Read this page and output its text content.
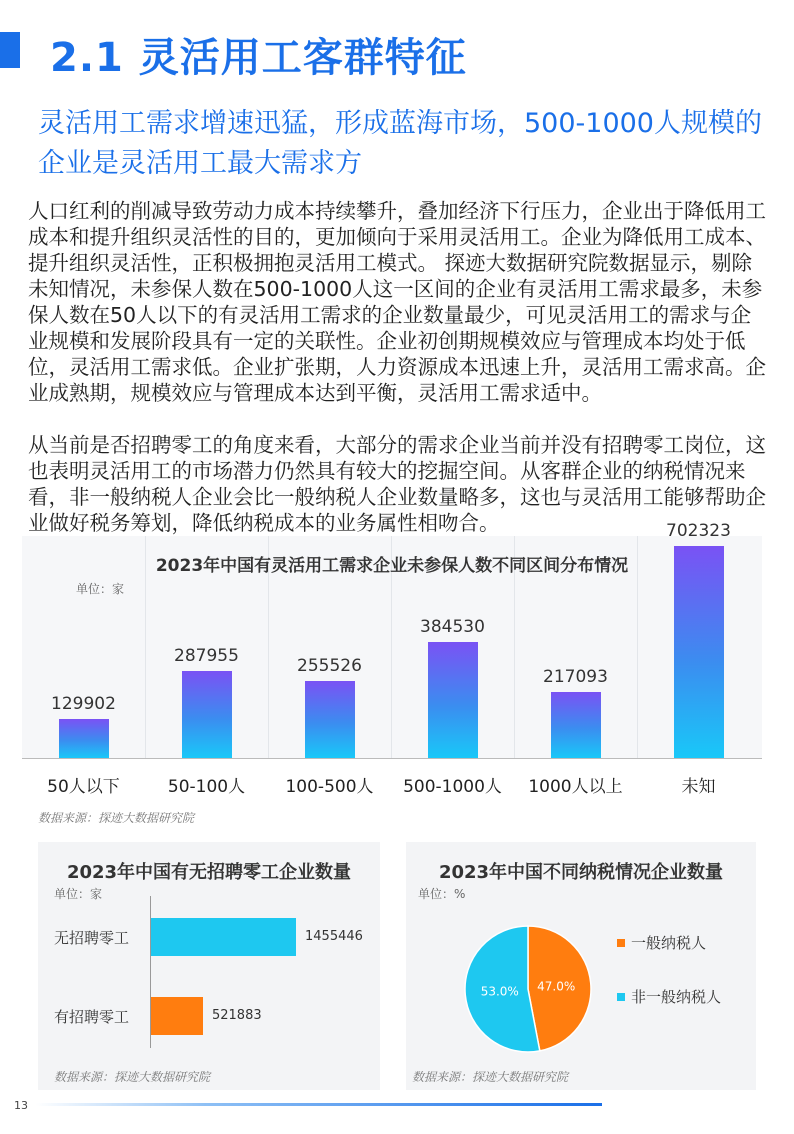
2.1 灵活用工客群特征
灵活用工需求增速迅猛，形成蓝海市场，500-1000人规模的企业是灵活用工最大需求方
人口红利的削减导致劳动力成本持续攀升，叠加经济下行压力，企业出于降低用工成本和提升组织灵活性的目的，更加倾向于采用灵活用工。企业为降低用工成本、提升组织灵活性，正积极拥抱灵活用工模式。 探迹大数据研究院数据显示，剔除未知情况，未参保人数在500-1000人这一区间的企业有灵活用工需求最多，未参保人数在50人以下的有灵活用工需求的企业数量最少，可见灵活用工的需求与企业规模和发展阶段具有一定的关联性。企业初创期规模效应与管理成本均处于低位，灵活用工需求低。企业扩张期，人力资源成本迅速上升，灵活用工需求高。企业成熟期，规模效应与管理成本达到平衡，灵活用工需求适中。
从当前是否招聘零工的角度来看，大部分的需求企业当前并没有招聘零工岗位，这也表明灵活用工的市场潜力仍然具有较大的挖掘空间。从客群企业的纳税情况来看，非一般纳税人企业会比一般纳税人企业数量略多，这也与灵活用工能够帮助企业做好税务筹划，降低纳税成本的业务属性相吻合。
2023年中国有灵活用工需求企业未参保人数不同区间分布情况
单位：家
129902
50人以下
287955
50-100人
255526
100-500人
384530
500-1000人
217093
1000人以上
702323
未知
数据来源：探迹大数据研究院
2023年中国有无招聘零工企业数量
单位：家
无招聘零工	1455446
有招聘零工	521883
数据来源：探迹大数据研究院
2023年中国不同纳税情况企业数量
单位：%
47.0%
53.0%
一般纳税人
非一般纳税人
数据来源：探迹大数据研究院
13
